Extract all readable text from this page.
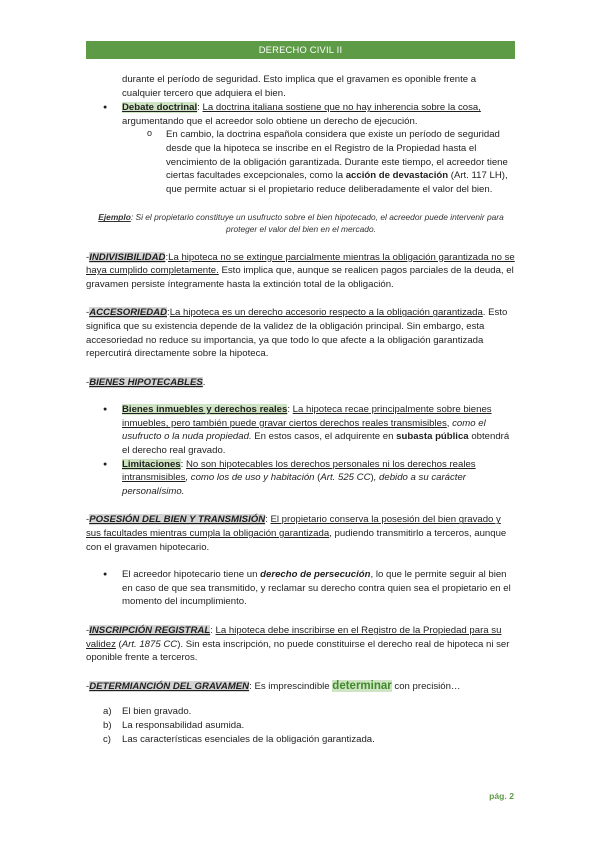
DERECHO CIVIL II

durante el período de seguridad. Esto implica que el gravamen es oponible frente a cualquier tercero que adquiera el bien.

● Debate doctrinal: La doctrina italiana sostiene que no hay inherencia sobre la cosa, argumentando que el acreedor solo obtiene un derecho de ejecución.
o En cambio, la doctrina española considera que existe un período de seguridad desde que la hipoteca se inscribe en el Registro de la Propiedad hasta el vencimiento de la obligación garantizada. Durante este tiempo, el acreedor tiene ciertas facultades excepcionales, como la acción de devastación (Art. 117 LH), que permite actuar si el propietario reduce deliberadamente el valor del bien.

Ejemplo: Si el propietario constituye un usufructo sobre el bien hipotecado, el acreedor puede intervenir para proteger el valor del bien en el mercado.

-INDIVISIBILIDAD:La hipoteca no se extingue parcialmente mientras la obligación garantizada no se haya cumplido completamente. Esto implica que, aunque se realicen pagos parciales de la deuda, el gravamen persiste íntegramente hasta la extinción total de la obligación.

-ACCESORIEDAD:La hipoteca es un derecho accesorio respecto a la obligación garantizada. Esto significa que su existencia depende de la validez de la obligación principal. Sin embargo, esta accesoriedad no reduce su importancia, ya que todo lo que afecte a la obligación garantizada repercutirá directamente sobre la hipoteca.

-BIENES HIPOTECABLES.

● Bienes inmuebles y derechos reales: La hipoteca recae principalmente sobre bienes inmuebles, pero también puede gravar ciertos derechos reales transmisibles, como el usufructo o la nuda propiedad. En estos casos, el adquirente en subasta pública obtendrá el derecho real gravado.
● Limitaciones: No son hipotecables los derechos personales ni los derechos reales intransmisibles, como los de uso y habitación (Art. 525 CC), debido a su carácter personalísimo.

-POSESIÓN DEL BIEN Y TRANSMISIÓN: El propietario conserva la posesión del bien gravado y sus facultades mientras cumpla la obligación garantizada, pudiendo transmitirlo a terceros, aunque con el gravamen hipotecario.

● El acreedor hipotecario tiene un derecho de persecución, lo que le permite seguir al bien en caso de que sea transmitido, y reclamar su derecho contra quien sea el propietario en el momento del incumplimiento.

-INSCRIPCIÓN REGISTRAL: La hipoteca debe inscribirse en el Registro de la Propiedad para su validez (Art. 1875 CC). Sin esta inscripción, no puede constituirse el derecho real de hipoteca ni ser oponible frente a terceros.

-DETERMIANCIÓN DEL GRAVAMEN: Es imprescindible determinar con precisión…

a) El bien gravado.
b) La responsabilidad asumida.
c) Las características esenciales de la obligación garantizada.
pág. 2
